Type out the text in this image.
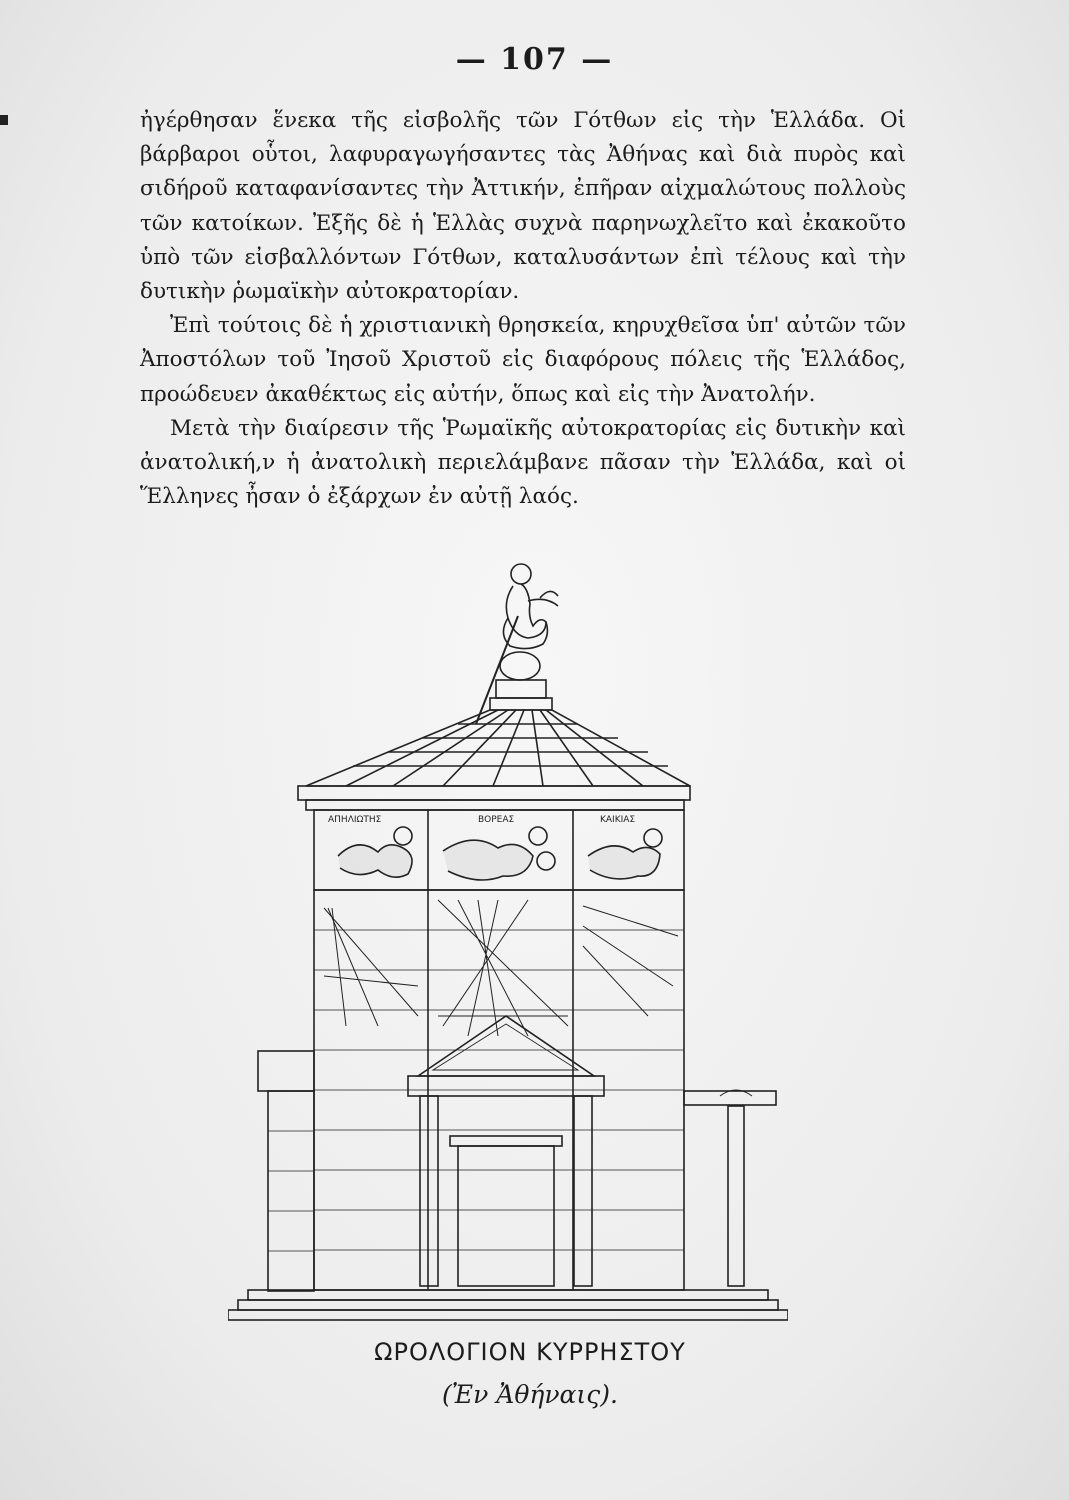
— 107 —

ἠγέρθησαν ἕνεκα τῆς εἰσβολῆς τῶν Γότθων εἰς τὴν Ἑλλάδα. Οἱ βάρβαροι οὗτοι, λαφυραγωγήσαντες τὰς Ἀθήνας καὶ διὰ πυρὸς καὶ σιδήροῦ καταφανίσαντες τὴν Ἀττικήν, ἐπῆραν αἰχμαλώτους πολλοὺς τῶν κατοίκων. Ἐξῆς δὲ ἡ Ἑλλὰς συχνὰ παρηνωχλεῖτο καὶ ἐκακοῦτο ὑπὸ τῶν εἰσβαλλόντων Γότθων, καταλυσάντων ἐπὶ τέλους καὶ τὴν δυτικὴν ῥωμαϊκὴν αὐτοκρατορίαν.

Ἐπὶ τούτοις δὲ ἡ χριστιανικὴ θρησκεία, κηρυχθεῖσα ὑπ' αὐτῶν τῶν Ἀποστόλων τοῦ Ἰησοῦ Χριστοῦ εἰς διαφόρους πόλεις τῆς Ἑλλάδος, προώδευεν ἀκαθέκτως εἰς αὐτήν, ὅπως καὶ εἰς τὴν Ἀνατολήν.

Μετὰ τὴν διαίρεσιν τῆς Ῥωμαϊκῆς αὐτοκρατορίας εἰς δυτικὴν καὶ ἀνατολική,ν ἡ ἀνατολικὴ περιελάμβανε πᾶσαν τὴν Ἑλλάδα, καὶ οἱ Ἕλληνες ἦσαν ὁ ἐξάρχων ἐν αὐτῇ λαός.

ΑΠΗΛΙΩΤΗΣ	ΒΟΡΕΑΣ	ΚΑΙΚΙΑΣ
ΩΡΟΛΟΓΙΟΝ ΚΥΡΡΗΣΤΟΥ
(Ἐν Ἀθήναις).
